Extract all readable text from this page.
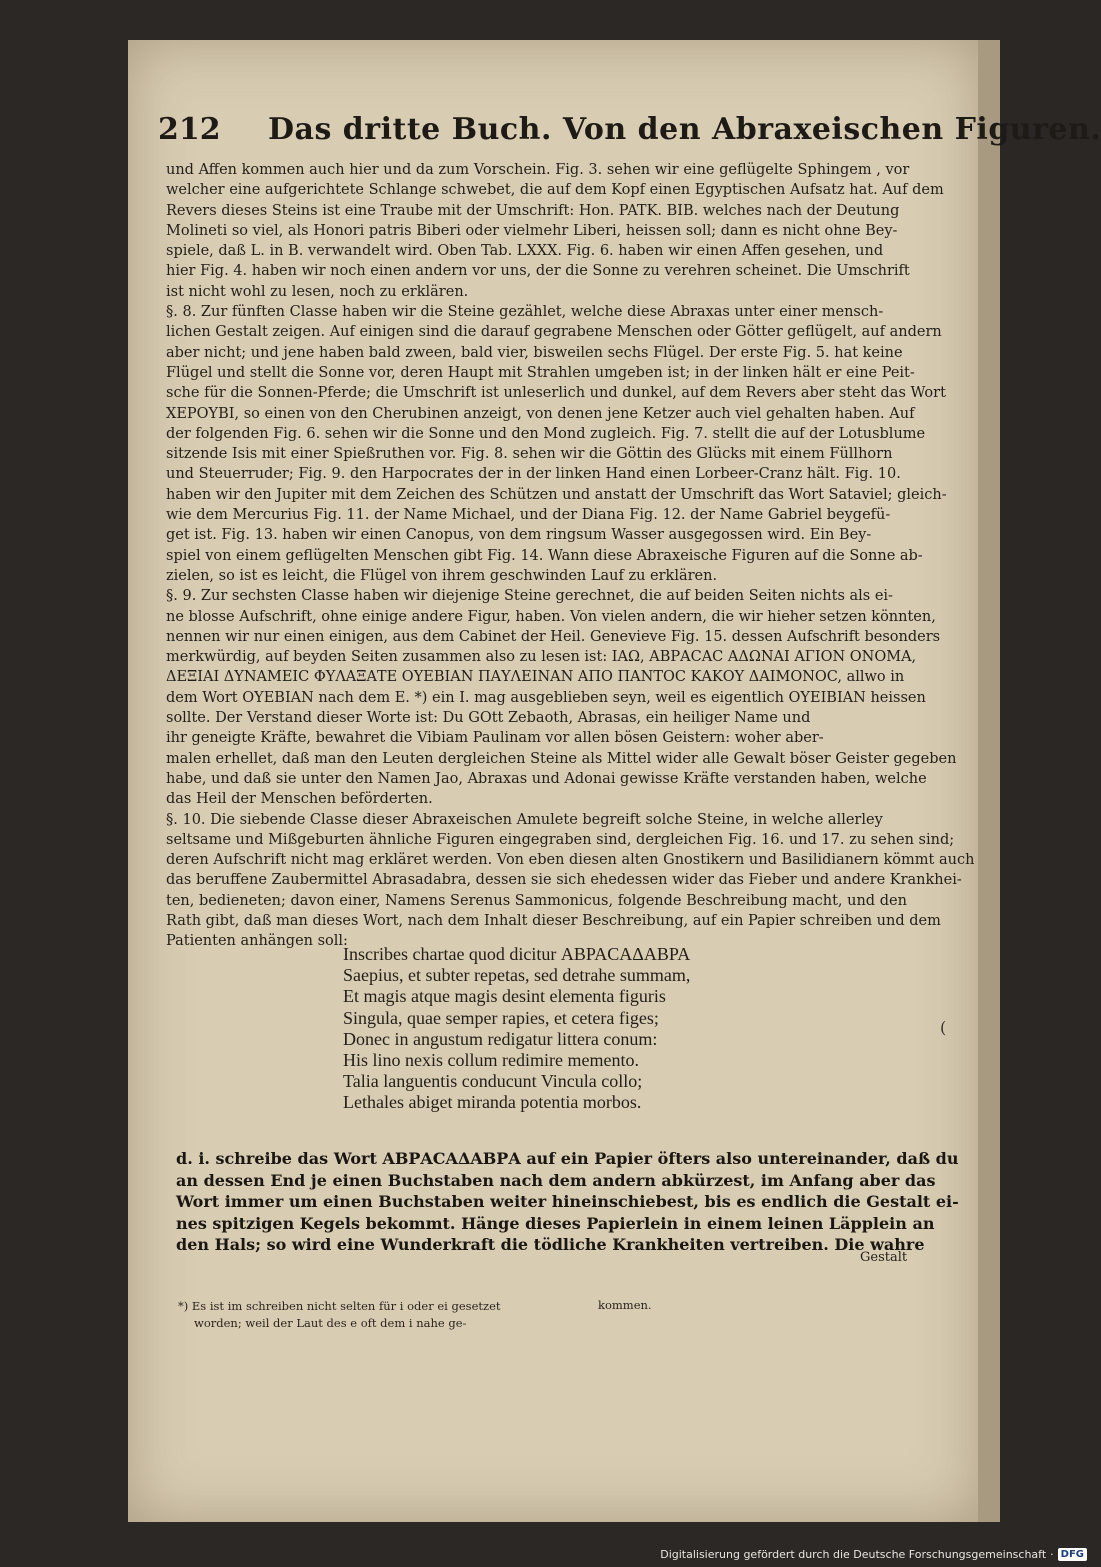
212 Das dritte Buch. Von den Abraxeischen Figuren.
und Affen kommen auch hier und da zum Vorschein. Fig. 3. sehen wir eine geflügelte Sphingem , vor
welcher eine aufgerichtete Schlange schwebet, die auf dem Kopf einen Egyptischen Aufsatz hat. Auf dem
Revers dieses Steins ist eine Traube mit der Umschrift: Hon. PATK. BIB. welches nach der Deutung
Molineti so viel, als Honori patris Biberi oder vielmehr Liberi, heissen soll; dann es nicht ohne Bey-
spiele, daß L. in B. verwandelt wird. Oben Tab. LXXX. Fig. 6. haben wir einen Affen gesehen, und
hier Fig. 4. haben wir noch einen andern vor uns, der die Sonne zu verehren scheinet. Die Umschrift
ist nicht wohl zu lesen, noch zu erklären.
§. 8. Zur fünften Classe haben wir die Steine gezählet, welche diese Abraxas unter einer mensch-
lichen Gestalt zeigen. Auf einigen sind die darauf gegrabene Menschen oder Götter geflügelt, auf andern
aber nicht; und jene haben bald zween, bald vier, bisweilen sechs Flügel. Der erste Fig. 5. hat keine
Flügel und stellt die Sonne vor, deren Haupt mit Strahlen umgeben ist; in der linken hält er eine Peit-
sche für die Sonnen-Pferde; die Umschrift ist unleserlich und dunkel, auf dem Revers aber steht das Wort
ΧΕΡΟΥΒΙ, so einen von den Cherubinen anzeigt, von denen jene Ketzer auch viel gehalten haben. Auf
der folgenden Fig. 6. sehen wir die Sonne und den Mond zugleich. Fig. 7. stellt die auf der Lotusblume
sitzende Isis mit einer Spießruthen vor. Fig. 8. sehen wir die Göttin des Glücks mit einem Füllhorn
und Steuerruder; Fig. 9. den Harpocrates der in der linken Hand einen Lorbeer-Cranz hält. Fig. 10.
haben wir den Jupiter mit dem Zeichen des Schützen und anstatt der Umschrift das Wort Sataviel; gleich-
wie dem Mercurius Fig. 11. der Name Michael, und der Diana Fig. 12. der Name Gabriel beygefü-
get ist. Fig. 13. haben wir einen Canopus, von dem ringsum Wasser ausgegossen wird. Ein Bey-
spiel von einem geflügelten Menschen gibt Fig. 14. Wann diese Abraxeische Figuren auf die Sonne ab-
zielen, so ist es leicht, die Flügel von ihrem geschwinden Lauf zu erklären.
§. 9. Zur sechsten Classe haben wir diejenige Steine gerechnet, die auf beiden Seiten nichts als ei-
ne blosse Aufschrift, ohne einige andere Figur, haben. Von vielen andern, die wir hieher setzen könnten,
nennen wir nur einen einigen, aus dem Cabinet der Heil. Genevieve Fig. 15. dessen Aufschrift besonders
merkwürdig, auf beyden Seiten zusammen also zu lesen ist: ΙΑΩ, ΑΒΡΑCΑC ΑΔΩΝΑΙ ΑΓΙΟΝ ΟΝΟΜΑ,
ΔΕΞΙΑΙ ΔΥΝΑΜΕΙC ΦΥΛΑΞΑΤΕ ΟΥΕΒΙΑΝ ΠΑΥΛΕΙΝΑΝ ΑΠΟ ΠΑΝΤΟC ΚΑΚΟΥ ΔΑΙΜΟΝΟC, allwo in
dem Wort ΟΥΕΒΙΑΝ nach dem E. *) ein I. mag ausgeblieben seyn, weil es eigentlich ΟΥΕΙΒΙΑΝ heissen
sollte. Der Verstand dieser Worte ist: Du GOtt Zebaoth, Abrasas, ein heiliger Name und
ihr geneigte Kräfte, bewahret die Vibiam Paulinam vor allen bösen Geistern: woher aber-
malen erhellet, daß man den Leuten dergleichen Steine als Mittel wider alle Gewalt böser Geister gegeben
habe, und daß sie unter den Namen Jao, Abraxas und Adonai gewisse Kräfte verstanden haben, welche
das Heil der Menschen beförderten.
§. 10. Die siebende Classe dieser Abraxeischen Amulete begreift solche Steine, in welche allerley
seltsame und Mißgeburten ähnliche Figuren eingegraben sind, dergleichen Fig. 16. und 17. zu sehen sind;
deren Aufschrift nicht mag erkläret werden. Von eben diesen alten Gnostikern und Basilidianern kömmt auch
das beruffene Zaubermittel Abrasadabra, dessen sie sich ehedessen wider das Fieber und andere Krankhei-
ten, bedieneten; davon einer, Namens Serenus Sammonicus, folgende Beschreibung macht, und den
Rath gibt, daß man dieses Wort, nach dem Inhalt dieser Beschreibung, auf ein Papier schreiben und dem
Patienten anhängen soll:
Inscribes chartae quod dicitur ΑΒΡΑCΑΔΑΒΡΑ
Saepius, et subter repetas, sed detrahe summam,
Et magis atque magis desint elementa figuris
Singula, quae semper rapies, et cetera figes;
Donec in angustum redigatur littera conum:
His lino nexis collum redimire memento.
Talia languentis conducunt Vincula collo;
Lethales abiget miranda potentia morbos.
(
d. i. schreibe das Wort ΑΒΡΑCΑΔΑΒΡΑ auf ein Papier öfters also untereinander, daß du
an dessen End je einen Buchstaben nach dem andern abkürzest, im Anfang aber das
Wort immer um einen Buchstaben weiter hineinschiebest, bis es endlich die Gestalt ei-
nes spitzigen Kegels bekommt. Hänge dieses Papierlein in einem leinen Läpplein an
den Hals; so wird eine Wunderkraft die tödliche Krankheiten vertreiben. Die wahre
Gestalt
*) Es ist im schreiben nicht selten für i oder ei gesetzet
worden; weil der Laut des e oft dem i nahe ge-
kommen.
Digitalisierung gefördert durch die Deutsche Forschungsgemeinschaft · DFG
